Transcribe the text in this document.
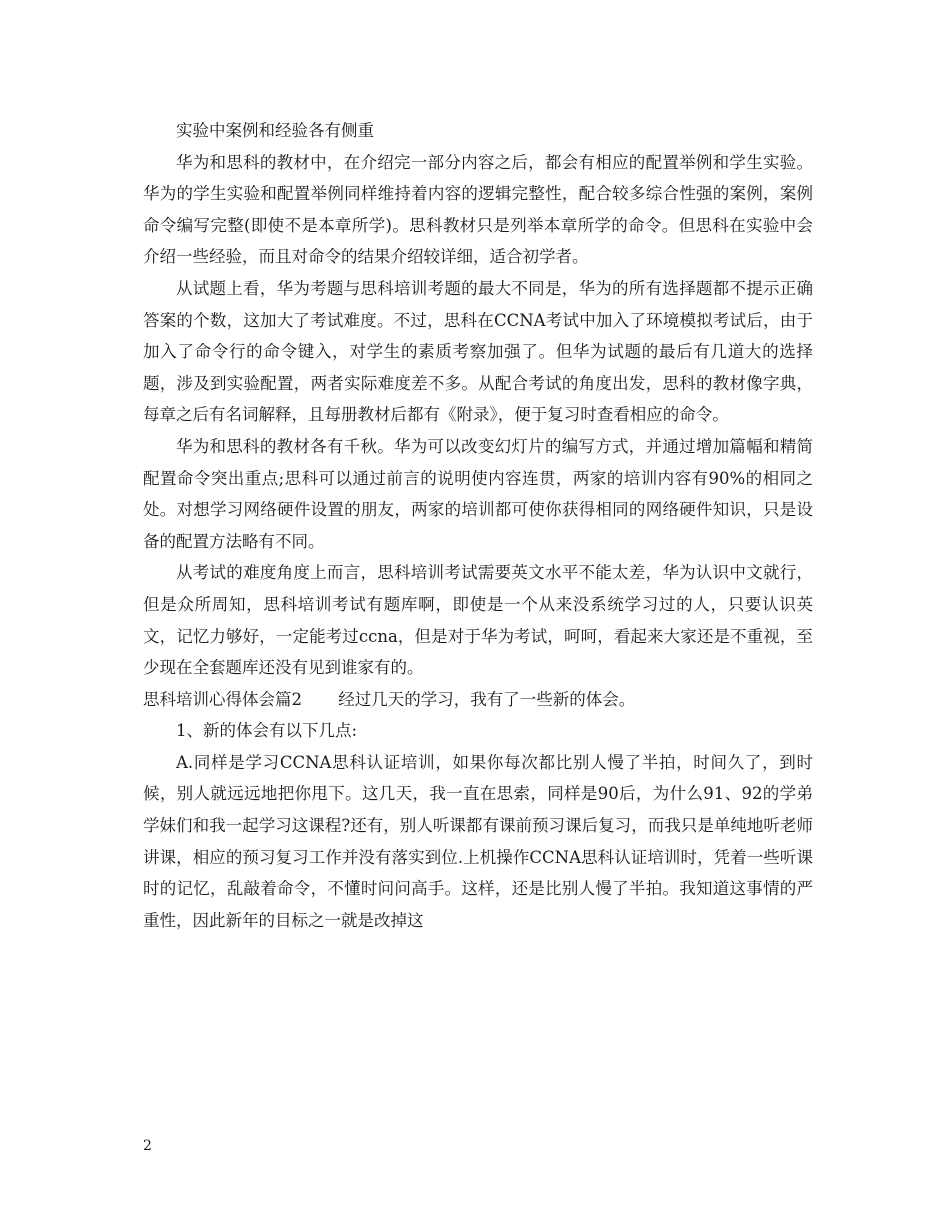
实验中案例和经验各有侧重

华为和思科的教材中，在介绍完一部分内容之后，都会有相应的配置举例和学生实验。华为的学生实验和配置举例同样维持着内容的逻辑完整性，配合较多综合性强的案例，案例命令编写完整(即使不是本章所学)。思科教材只是列举本章所学的命令。但思科在实验中会介绍一些经验，而且对命令的结果介绍较详细，适合初学者。

从试题上看，华为考题与思科培训考题的最大不同是，华为的所有选择题都不提示正确答案的个数，这加大了考试难度。不过，思科在CCNA考试中加入了环境模拟考试后，由于加入了命令行的命令键入，对学生的素质考察加强了。但华为试题的最后有几道大的选择题，涉及到实验配置，两者实际难度差不多。从配合考试的角度出发，思科的教材像字典，每章之后有名词解释，且每册教材后都有《附录》，便于复习时查看相应的命令。

华为和思科的教材各有千秋。华为可以改变幻灯片的编写方式，并通过增加篇幅和精简配置命令突出重点;思科可以通过前言的说明使内容连贯，两家的培训内容有90%的相同之处。对想学习网络硬件设置的朋友，两家的培训都可使你获得相同的网络硬件知识，只是设备的配置方法略有不同。

从考试的难度角度上而言，思科培训考试需要英文水平不能太差，华为认识中文就行，但是众所周知，思科培训考试有题库啊，即使是一个从来没系统学习过的人，只要认识英文，记忆力够好，一定能考过ccna，但是对于华为考试，呵呵，看起来大家还是不重视，至少现在全套题库还没有见到谁家有的。

思科培训心得体会篇2 经过几天的学习，我有了一些新的体会。

1、新的体会有以下几点:

A.同样是学习CCNA思科认证培训，如果你每次都比别人慢了半拍，时间久了，到时候，别人就远远地把你甩下。这几天，我一直在思索，同样是90后，为什么91、92的学弟学妹们和我一起学习这课程?还有，别人听课都有课前预习课后复习，而我只是单纯地听老师讲课，相应的预习复习工作并没有落实到位.上机操作CCNA思科认证培训时，凭着一些听课时的记忆，乱敲着命令，不懂时问问高手。这样，还是比别人慢了半拍。我知道这事情的严重性，因此新年的目标之一就是改掉这

2
